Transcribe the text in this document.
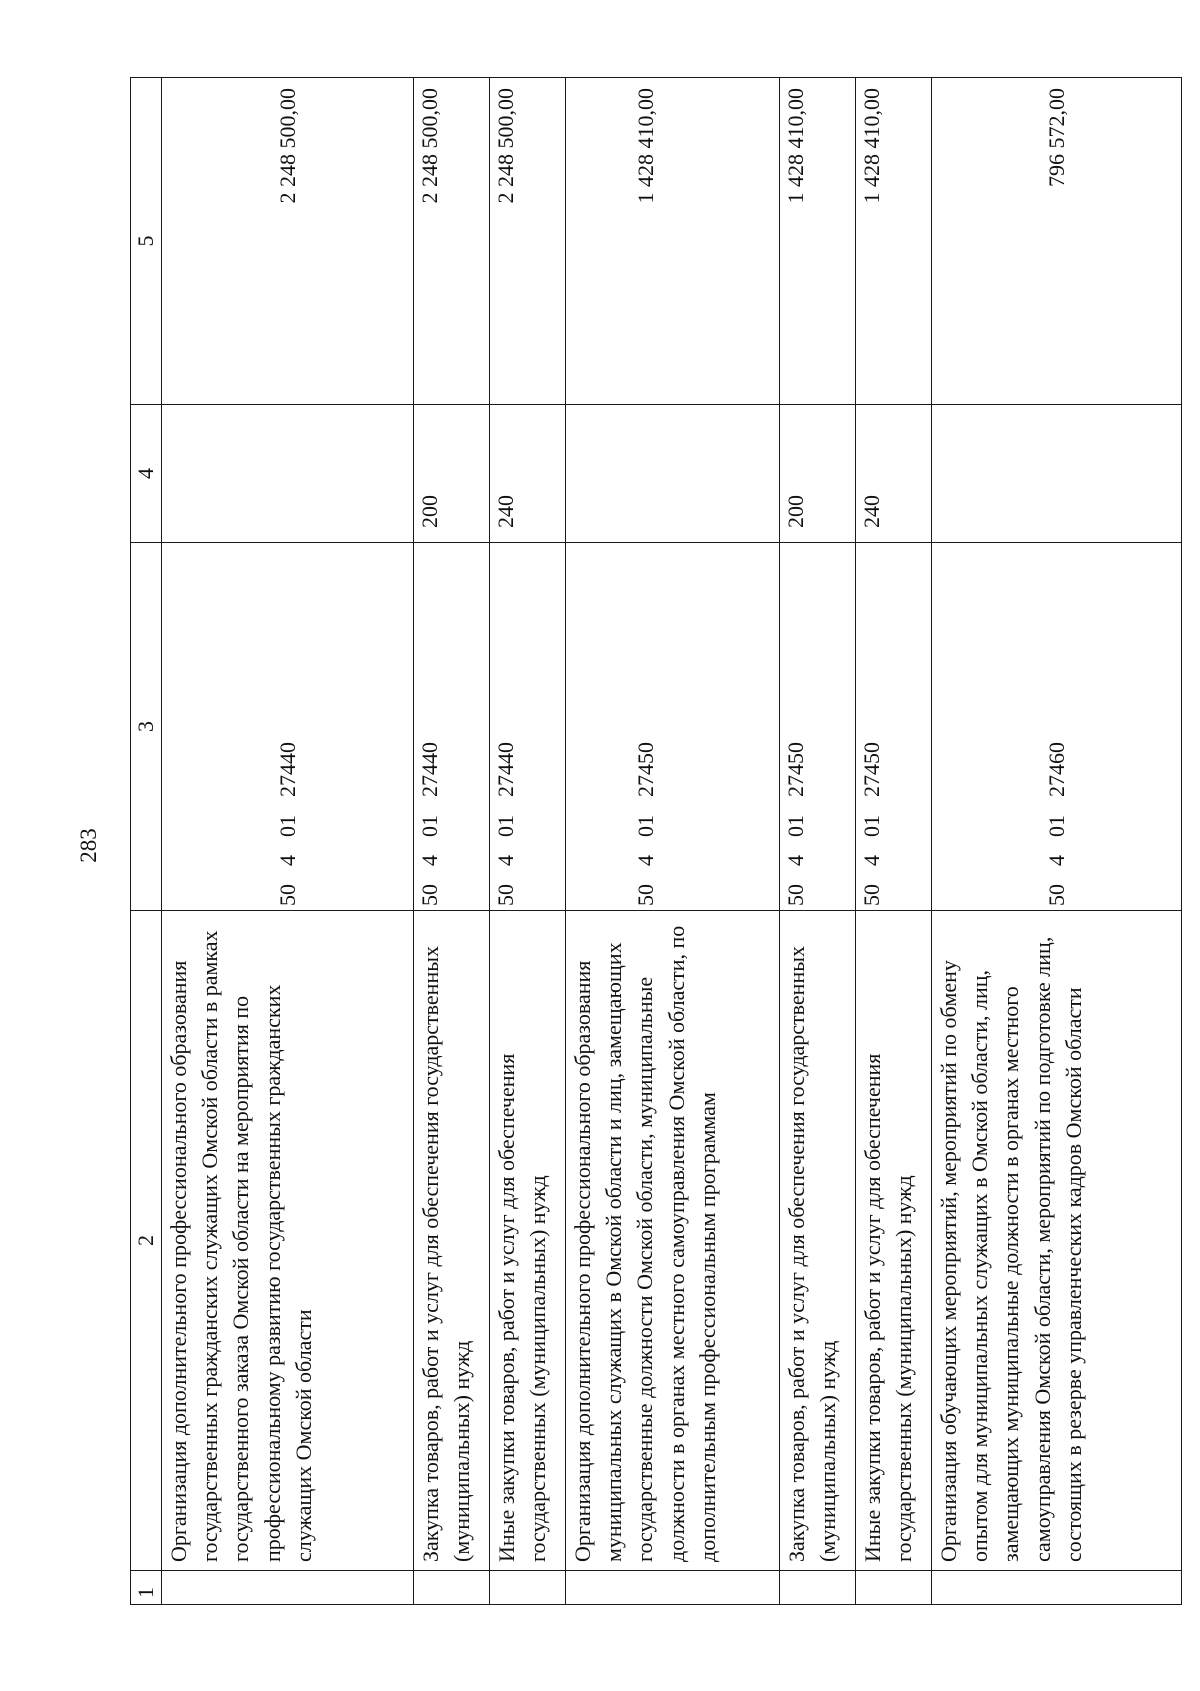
283
1	2	3	4	5
	Организация дополнительного профессионального образования государственных гражданских служащих Омской области в рамках государственного заказа Омской области на мероприятия по профессиональному развитию государственных гражданских служащих Омской области	5040127440		2 248 500,00
	Закупка товаров, работ и услуг для обеспечения государственных (муниципальных) нужд	5040127440	200	2 248 500,00
	Иные закупки товаров, работ и услуг для обеспечения государственных (муниципальных) нужд	5040127440	240	2 248 500,00
	Организация дополнительного профессионального образования муниципальных служащих в Омской области и лиц, замещающих государственные должности Омской области, муниципальные должности в органах местного самоуправления Омской области, по дополнительным профессиональным программам	5040127450		1 428 410,00
	Закупка товаров, работ и услуг для обеспечения государственных (муниципальных) нужд	5040127450	200	1 428 410,00
	Иные закупки товаров, работ и услуг для обеспечения государственных (муниципальных) нужд	5040127450	240	1 428 410,00
	Организация обучающих мероприятий, мероприятий по обмену опытом для муниципальных служащих в Омской области, лиц, замещающих муниципальные должности в органах местного самоуправления Омской области, мероприятий по подготовке лиц, состоящих в резерве управленческих кадров Омской области	5040127460		796 572,00
